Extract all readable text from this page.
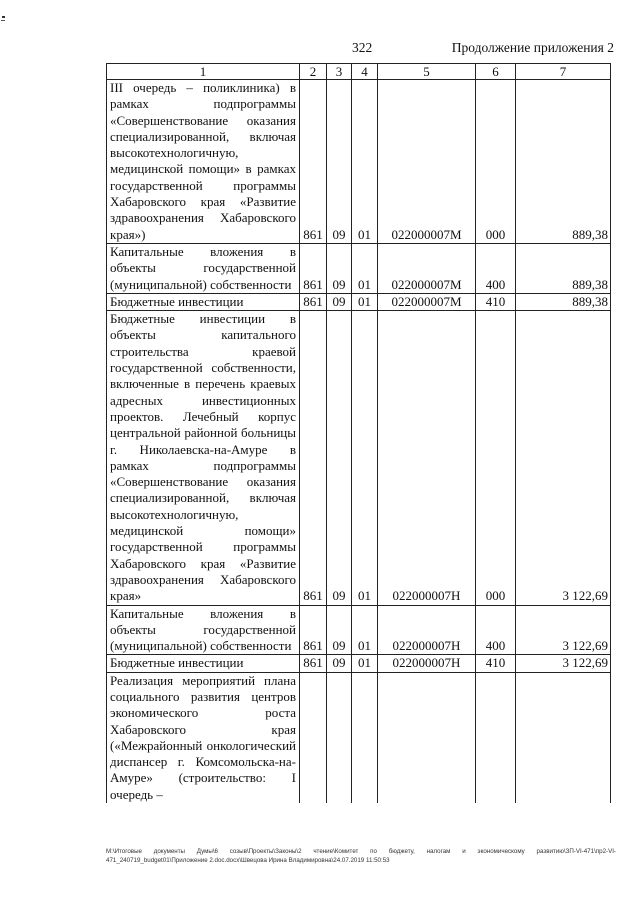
322	Продолжение приложения 2
1	2	3	4	5	6	7
III очередь – поликлиника) в рамках подпрограммы «Совершенствование оказания специализированной, включая высокотехнологичную, медицинской помощи» в рамках государственной программы Хабаровского края «Развитие здравоохранения Хабаровского края»)	861	09	01	022000007М	000	889,38
Капитальные вложения в объекты государственной (муниципальной) собственности	861	09	01	022000007М	400	889,38
Бюджетные инвестиции	861	09	01	022000007М	410	889,38
Бюджетные инвестиции в объекты капитального строительства краевой государственной собственности, включенные в перечень краевых адресных инвестиционных проектов. Лечебный корпус центральной районной больницы г. Николаевска-на-Амуре в рамках подпрограммы «Совершенствование оказания специализированной, включая высокотехнологичную, медицинской помощи» государственной программы Хабаровского края «Развитие здравоохранения Хабаровского края»	861	09	01	022000007Н	000	3 122,69
Капитальные вложения в объекты государственной (муниципальной) собственности	861	09	01	022000007Н	400	3 122,69
Бюджетные инвестиции	861	09	01	022000007Н	410	3 122,69
Реализация мероприятий плана социального развития центров экономического роста Хабаровского края («Межрайонный онкологический диспансер г. Комсомольска-на-Амуре» (строительство: I очередь –						
M:\Итоговые документы Думы\6 созыв\Проекты\Законы\2 чтение\Комитет по бюджету, налогам и экономическому развитию\ЗП-VI-471\пр2-VI-471_240719_budget01\Приложение 2.doc.docx\Швецова Ирина Владимировна\24.07.2019 11:50:53
